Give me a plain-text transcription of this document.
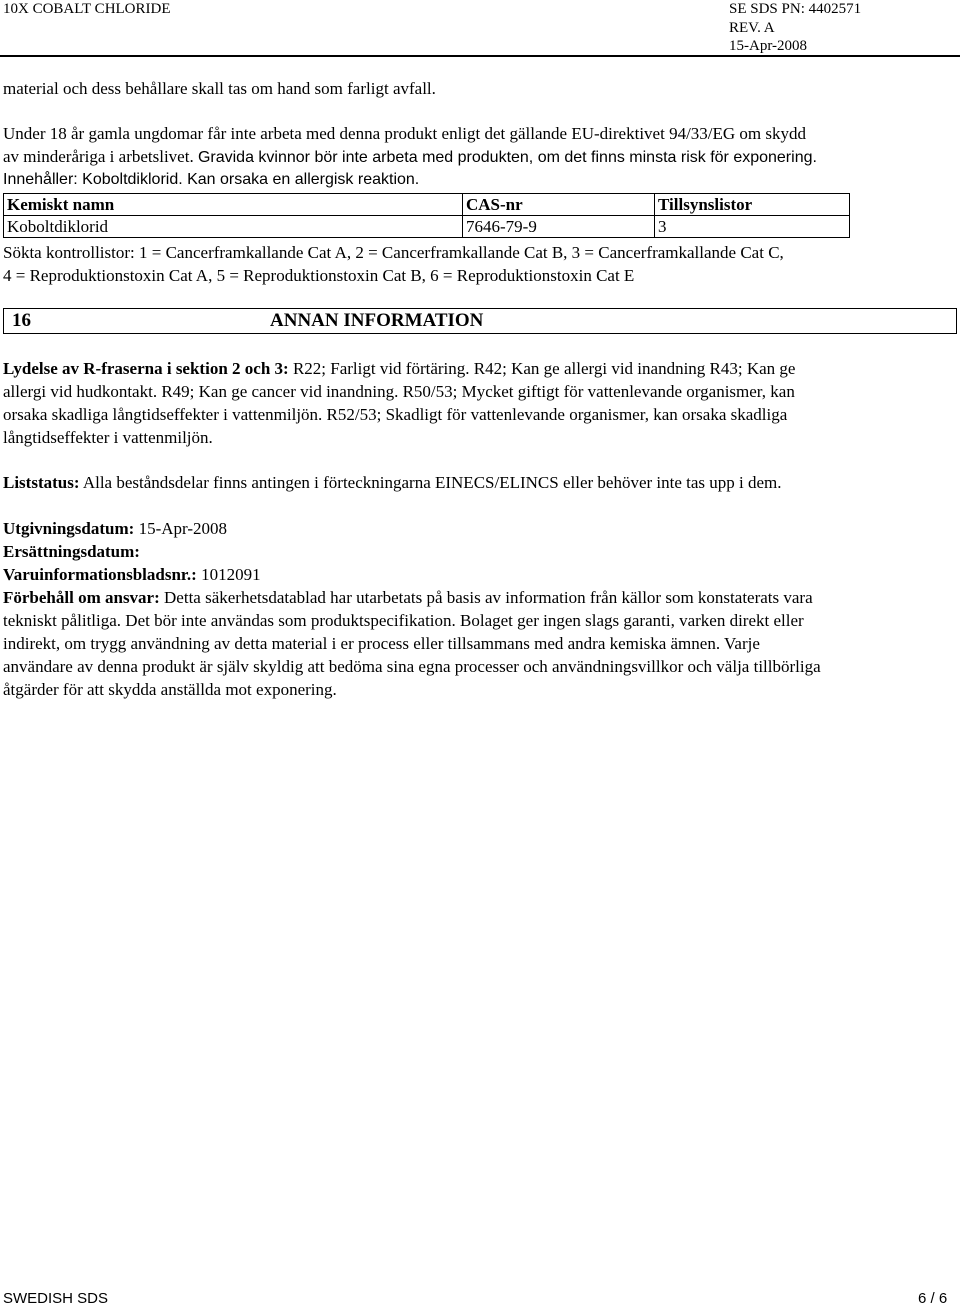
10X COBALT CHLORIDE	SE SDS PN: 4402571
REV. A
15-Apr-2008
material och dess behållare skall tas om hand som farligt avfall.
Under 18 år gamla ungdomar får inte arbeta med denna produkt enligt det gällande EU-direktivet 94/33/EG om skydd
av minderåriga i arbetslivet. Gravida kvinnor bör inte arbeta med produkten, om det finns minsta risk för exponering.
Innehåller: Koboltdiklorid. Kan orsaka en allergisk reaktion.
Kemiskt namn	CAS-nr	Tillsynslistor
Koboltdiklorid	7646-79-9	3
Sökta kontrollistor: 1 = Cancerframkallande Cat A, 2 = Cancerframkallande Cat B, 3 = Cancerframkallande Cat C,
4 = Reproduktionstoxin Cat A, 5 = Reproduktionstoxin Cat B, 6 = Reproduktionstoxin Cat E
16	ANNAN INFORMATION
Lydelse av R-fraserna i sektion 2 och 3: R22; Farligt vid förtäring. R42; Kan ge allergi vid inandning R43; Kan ge
allergi vid hudkontakt. R49; Kan ge cancer vid inandning. R50/53; Mycket giftigt för vattenlevande organismer, kan
orsaka skadliga långtidseffekter i vattenmiljön. R52/53; Skadligt för vattenlevande organismer, kan orsaka skadliga
långtidseffekter i vattenmiljön.
Liststatus: Alla beståndsdelar finns antingen i förteckningarna EINECS/ELINCS eller behöver inte tas upp i dem.
Utgivningsdatum: 15-Apr-2008
Ersättningsdatum:
Varuinformationsbladsnr.: 1012091
Förbehåll om ansvar: Detta säkerhetsdatablad har utarbetats på basis av information från källor som konstaterats vara
tekniskt pålitliga. Det bör inte användas som produktspecifikation. Bolaget ger ingen slags garanti, varken direkt eller
indirekt, om trygg användning av detta material i er process eller tillsammans med andra kemiska ämnen. Varje
användare av denna produkt är själv skyldig att bedöma sina egna processer och användningsvillkor och välja tillbörliga
åtgärder för att skydda anställda mot exponering.
SWEDISH SDS	6 / 6
